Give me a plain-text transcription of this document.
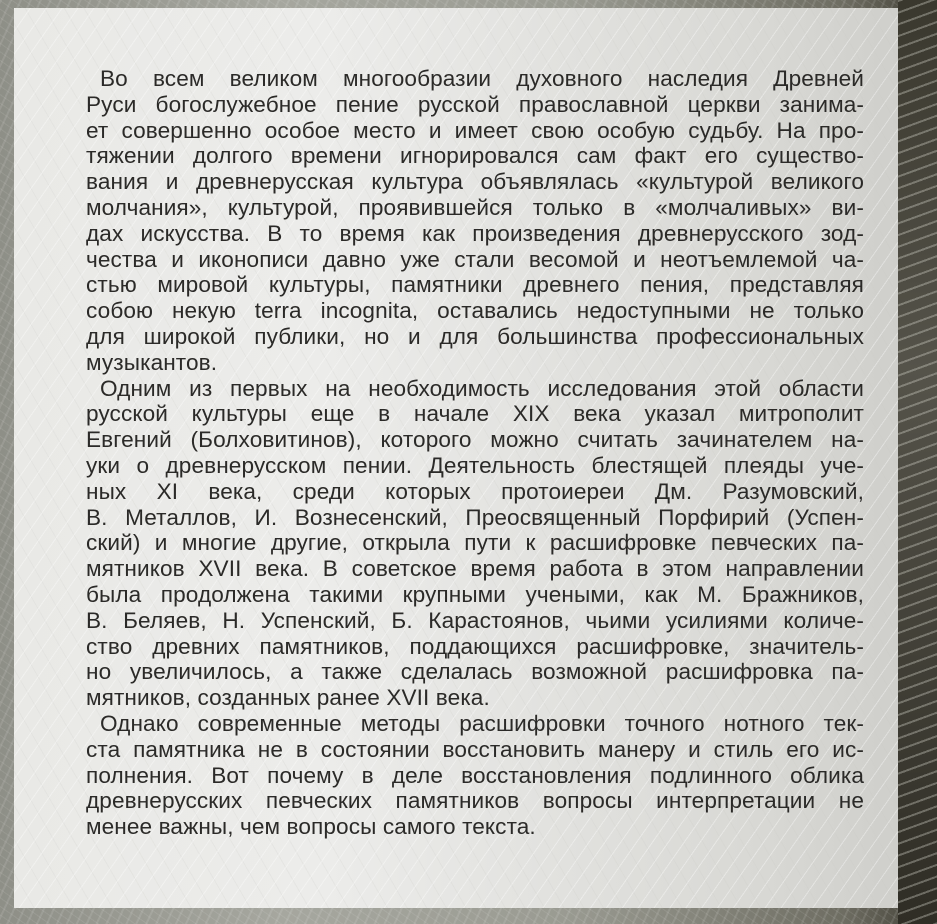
Во всем великом многообразии духовного наследия Древней
Руси богослужебное пение русской православной церкви занима-
ет совершенно особое место и имеет свою особую судьбу. На про-
тяжении долгого времени игнорировался сам факт его существо-
вания и древнерусская культура объявлялась «культурой великого
молчания», культурой, проявившейся только в «молчаливых» ви-
дах искусства. В то время как произведения древнерусского зод-
чества и иконописи давно уже стали весомой и неотъемлемой ча-
стью мировой культуры, памятники древнего пения, представляя
собою некую terra incognita, оставались недоступными не только
для широкой публики, но и для большинства профессиональных
музыкантов.

Одним из первых на необходимость исследования этой области
русской культуры еще в начале XIX века указал митрополит
Евгений (Болховитинов), которого можно считать зачинателем на-
уки о древнерусском пении. Деятельность блестящей плеяды уче-
ных XI века, среди которых протоиереи Дм. Разумовский,
В. Металлов, И. Вознесенский, Преосвященный Порфирий (Успен-
ский) и многие другие, открыла пути к расшифровке певческих па-
мятников XVII века. В советское время работа в этом направлении
была продолжена такими крупными учеными, как М. Бражников,
В. Беляев, Н. Успенский, Б. Карастоянов, чьими усилиями количе-
ство древних памятников, поддающихся расшифровке, значитель-
но увеличилось, а также сделалась возможной расшифровка па-
мятников, созданных ранее XVII века.

Однако современные методы расшифровки точного нотного тек-
ста памятника не в состоянии восстановить манеру и стиль его ис-
полнения. Вот почему в деле восстановления подлинного облика
древнерусских певческих памятников вопросы интерпретации не
менее важны, чем вопросы самого текста.
